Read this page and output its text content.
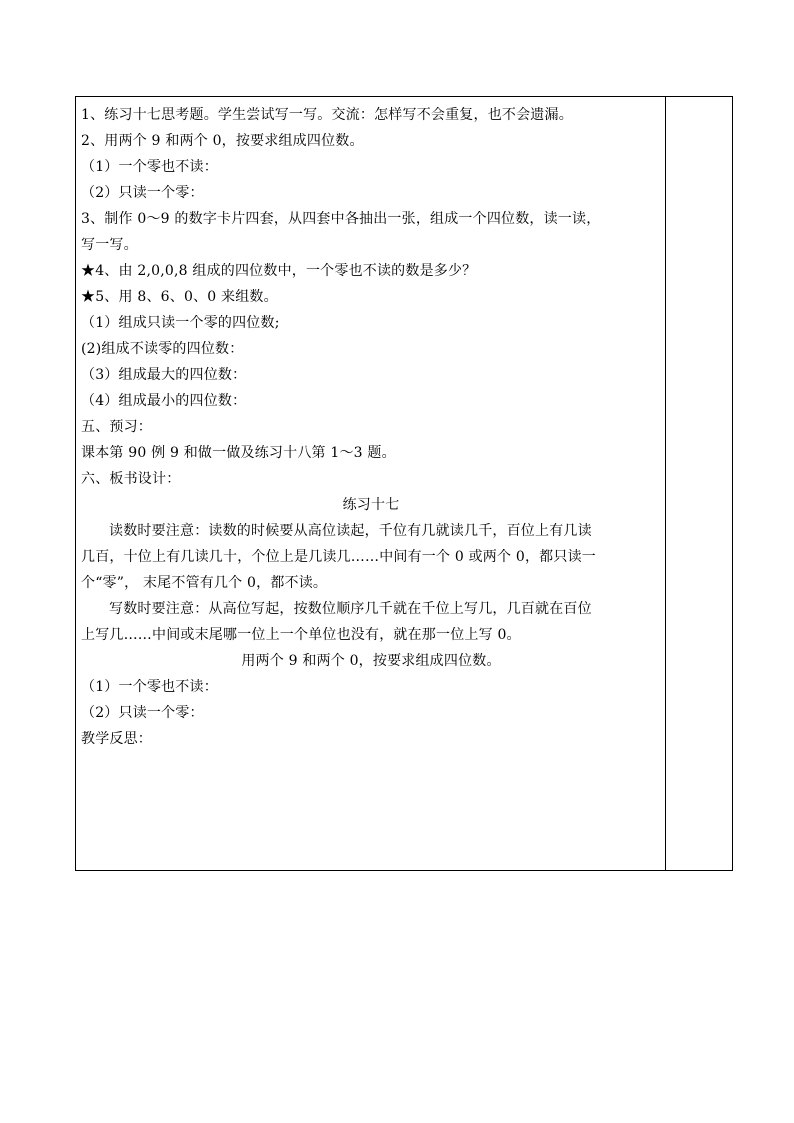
1、练习十七思考题。学生尝试写一写。交流：怎样写不会重复，也不会遗漏。
2、用两个 9 和两个 0，按要求组成四位数。
（1）一个零也不读：
（2）只读一个零：
3、制作 0～9 的数字卡片四套，从四套中各抽出一张，组成一个四位数，读一读，
写一写。
★4、由 2,0,0,8 组成的四位数中，一个零也不读的数是多少？
★5、用 8、6、0、0 来组数。
（1）组成只读一个零的四位数;
(2)组成不读零的四位数：
（3）组成最大的四位数：
（4）组成最小的四位数：
五、预习：
课本第 90 例 9 和做一做及练习十八第 1～3 题。
六、板书设计：
练习十七
读数时要注意：读数的时候要从高位读起，千位有几就读几千，百位上有几读
几百，十位上有几读几十，个位上是几读几……中间有一个 0 或两个 0，都只读一
个“零”， 末尾不管有几个 0，都不读。
写数时要注意：从高位写起，按数位顺序几千就在千位上写几，几百就在百位
上写几……中间或末尾哪一位上一个单位也没有，就在那一位上写 0。
用两个 9 和两个 0，按要求组成四位数。
（1）一个零也不读：
（2）只读一个零：
教学反思：
